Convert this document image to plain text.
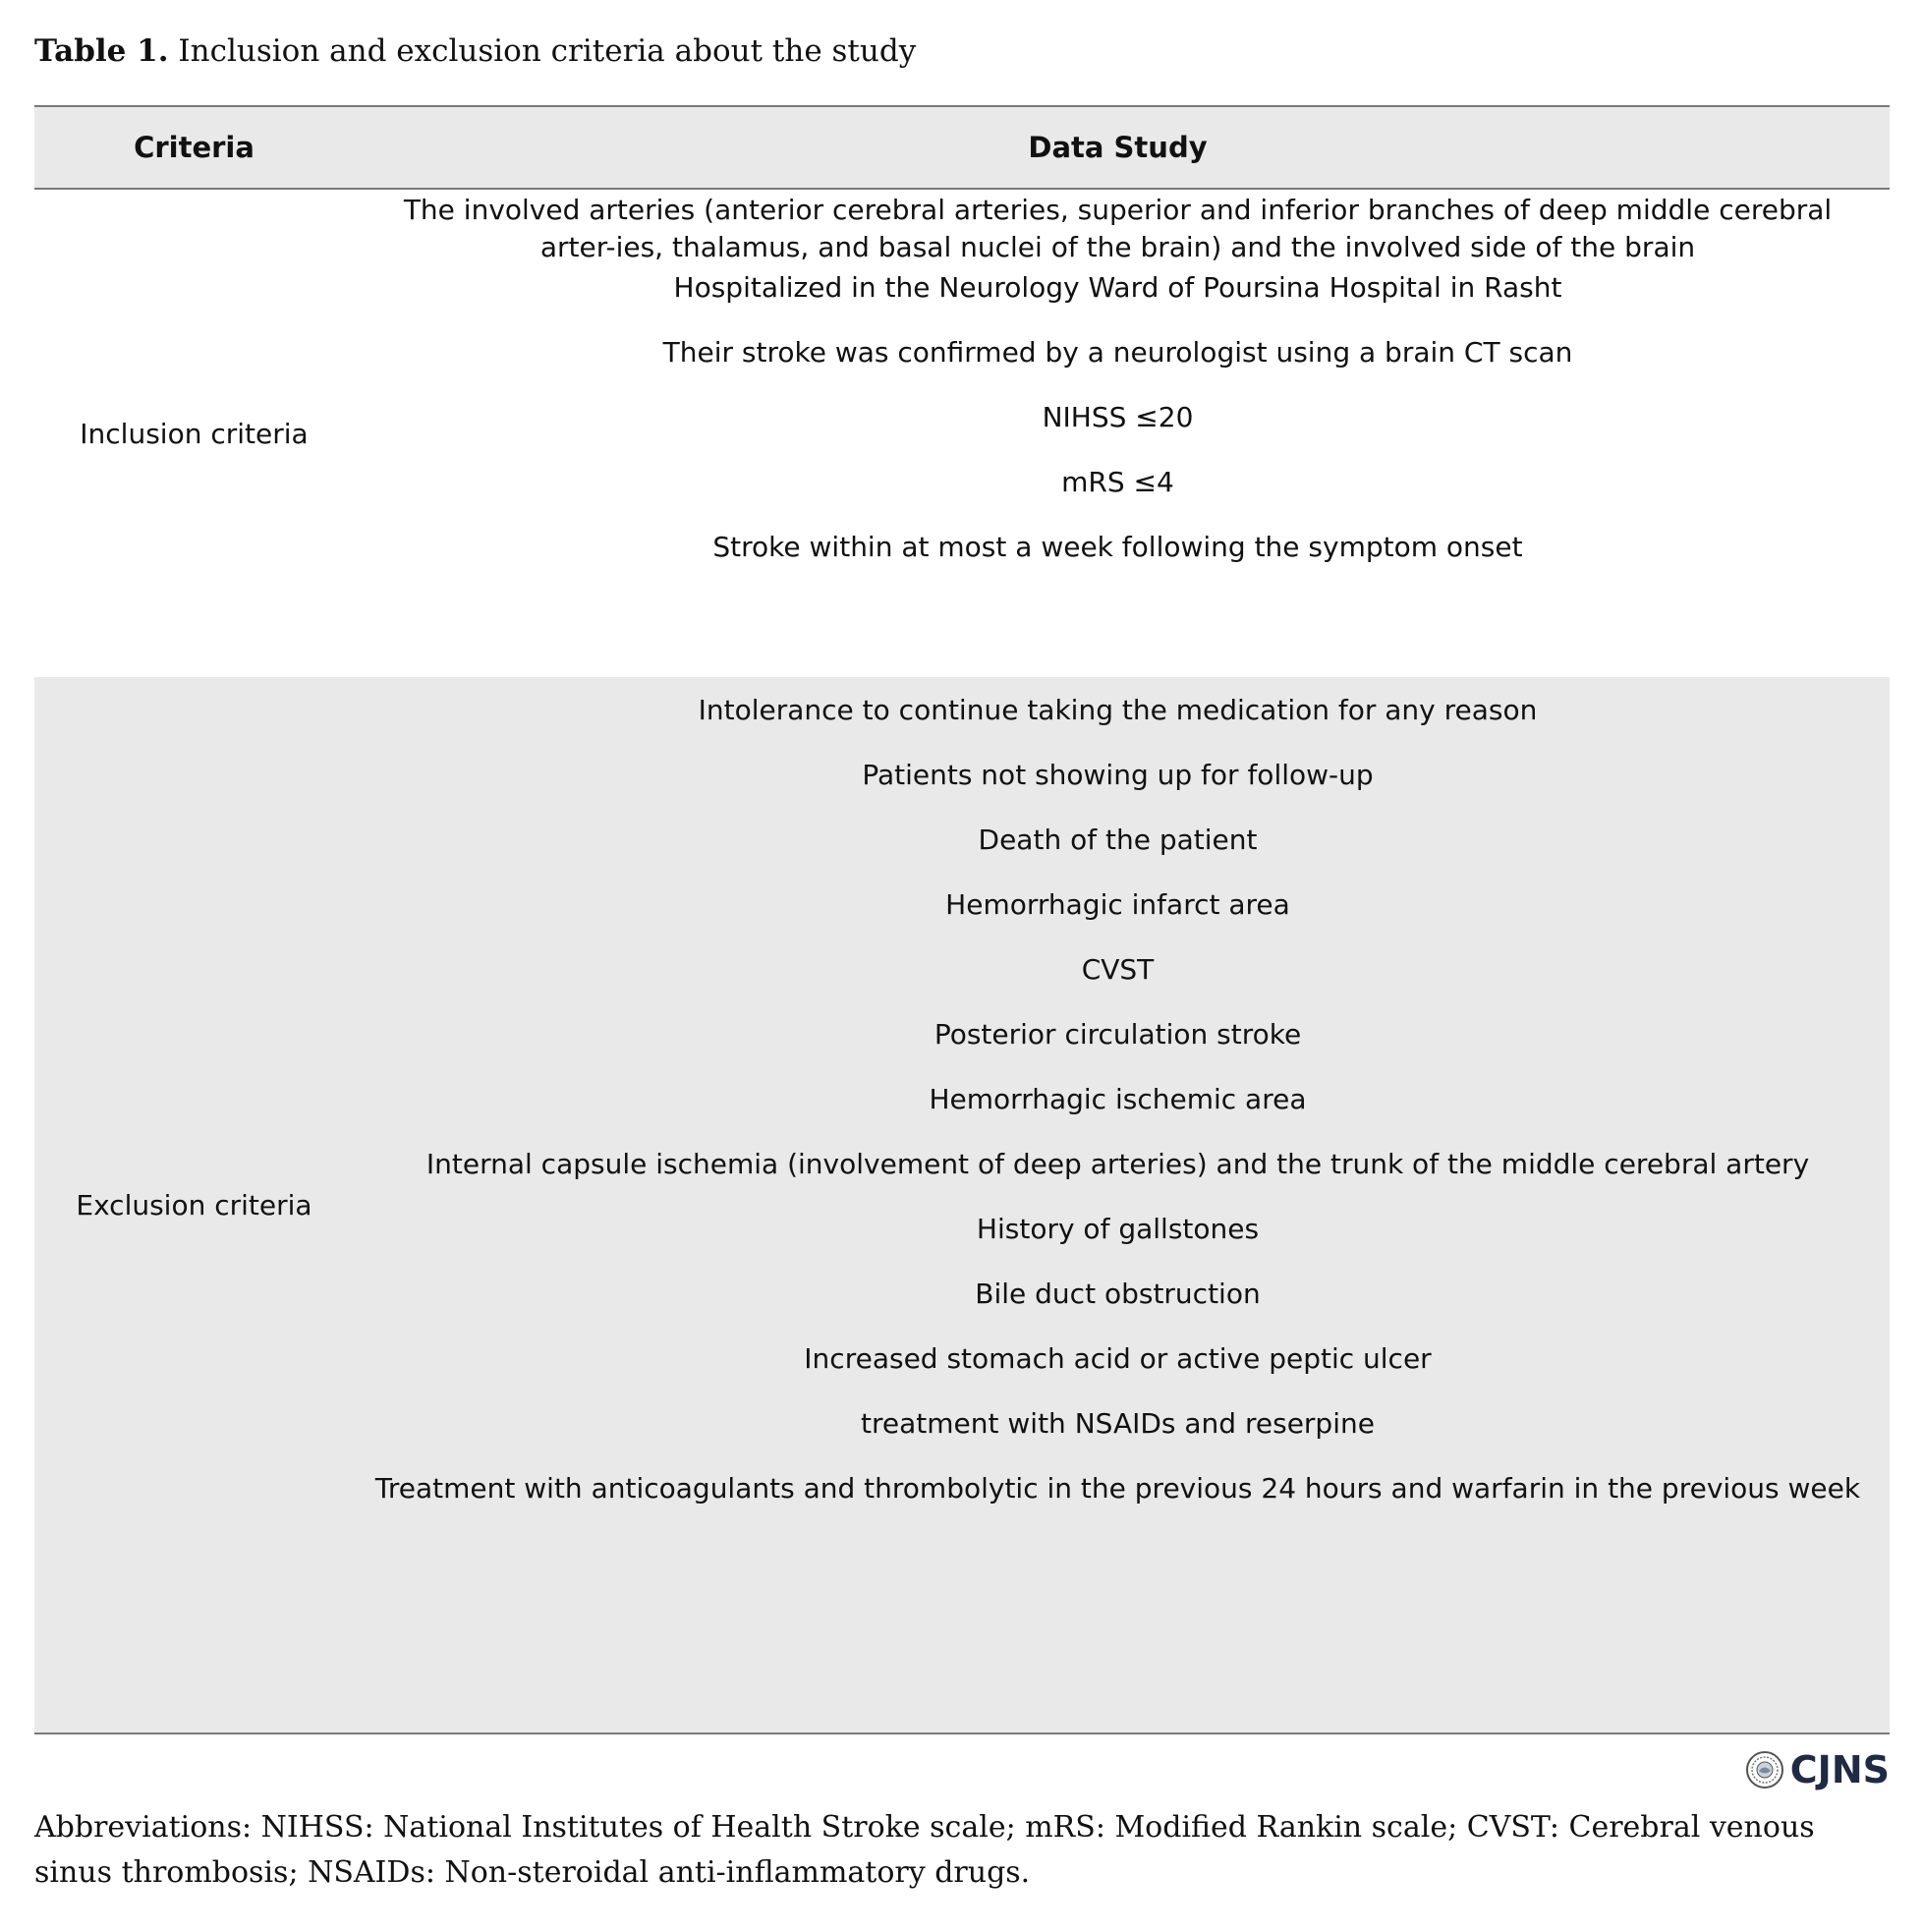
Table 1. Inclusion and exclusion criteria about the study
Criteria	Data Study
Inclusion criteria
The involved arteries (anterior cerebral arteries, superior and inferior branches of deep middle cerebral arter-ies, thalamus, and basal nuclei of the brain) and the involved side of the brain
Hospitalized in the Neurology Ward of Poursina Hospital in Rasht
Their stroke was confirmed by a neurologist using a brain CT scan
NIHSS ≤20
mRS ≤4
Stroke within at most a week following the symptom onset
Exclusion criteria
Intolerance to continue taking the medication for any reason
Patients not showing up for follow-up
Death of the patient
Hemorrhagic infarct area
CVST
Posterior circulation stroke
Hemorrhagic ischemic area
Internal capsule ischemia (involvement of deep arteries) and the trunk of the middle cerebral artery
History of gallstones
Bile duct obstruction
Increased stomach acid or active peptic ulcer
treatment with NSAIDs and reserpine
Treatment with anticoagulants and thrombolytic in the previous 24 hours and warfarin in the previous week
CJNS
Abbreviations: NIHSS: National Institutes of Health Stroke scale; mRS: Modified Rankin scale; CVST: Cerebral venous sinus thrombosis; NSAIDs: Non-steroidal anti-inflammatory drugs.
